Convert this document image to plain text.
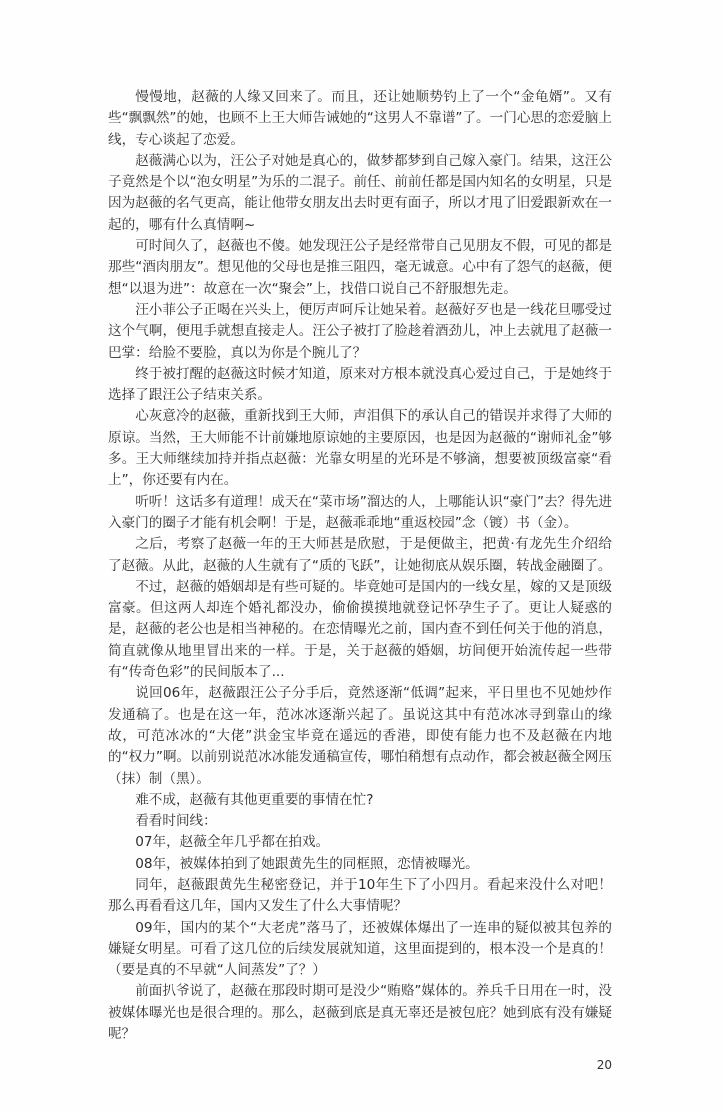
慢慢地，赵薇的人缘又回来了。而且，还让她顺势钓上了一个“金龟婿”。又有些“飘飘然”的她，也顾不上王大师告诫她的“这男人不靠谱”了。一门心思的恋爱脑上线，专心谈起了恋爱。

赵薇满心以为，汪公子对她是真心的，做梦都梦到自己嫁入豪门。结果，这汪公子竟然是个以“泡女明星”为乐的二混子。前任、前前任都是国内知名的女明星，只是因为赵薇的名气更高，能让他带女朋友出去时更有面子，所以才甩了旧爱跟新欢在一起的，哪有什么真情啊~

可时间久了，赵薇也不傻。她发现汪公子是经常带自己见朋友不假，可见的都是那些“酒肉朋友”。想见他的父母也是推三阻四，毫无诚意。心中有了怨气的赵薇，便想“以退为进”：故意在一次“聚会”上，找借口说自己不舒服想先走。

汪小菲公子正喝在兴头上，便厉声呵斥让她呆着。赵薇好歹也是一线花旦哪受过这个气啊，便甩手就想直接走人。汪公子被打了脸趁着酒劲儿，冲上去就甩了赵薇一巴掌：给脸不要脸，真以为你是个腕儿了？

终于被打醒的赵薇这时候才知道，原来对方根本就没真心爱过自己，于是她终于选择了跟汪公子结束关系。

心灰意冷的赵薇，重新找到王大师，声泪俱下的承认自己的错误并求得了大师的原谅。当然，王大师能不计前嫌地原谅她的主要原因，也是因为赵薇的“谢师礼金”够多。王大师继续加持并指点赵薇：光靠女明星的光环是不够滴，想要被顶级富豪“看上”，你还要有内在。

听听！这话多有道理！成天在“菜市场”溜达的人，上哪能认识“豪门”去？得先进入豪门的圈子才能有机会啊！于是，赵薇乖乖地“重返校园”念（镀）书（金）。

之后，考察了赵薇一年的王大师甚是欣慰，于是便做主，把黄·有龙先生介绍给了赵薇。从此，赵薇的人生就有了“质的飞跃”，让她彻底从娱乐圈，转战金融圈了。

不过，赵薇的婚姻却是有些可疑的。毕竟她可是国内的一线女星，嫁的又是顶级富豪。但这两人却连个婚礼都没办，偷偷摸摸地就登记怀孕生子了。更让人疑惑的是，赵薇的老公也是相当神秘的。在恋情曝光之前，国内查不到任何关于他的消息，简直就像从地里冒出来的一样。于是，关于赵薇的婚姻，坊间便开始流传起一些带有“传奇色彩”的民间版本了...

说回06年，赵薇跟汪公子分手后，竟然逐渐“低调”起来，平日里也不见她炒作发通稿了。也是在这一年，范冰冰逐渐兴起了。虽说这其中有范冰冰寻到靠山的缘故，可范冰冰的“大佬”洪金宝毕竟在遥远的香港，即使有能力也不及赵薇在内地的“权力”啊。以前别说范冰冰能发通稿宣传，哪怕稍想有点动作，都会被赵薇全网压（抹）制（黑）。

难不成，赵薇有其他更重要的事情在忙?

看看时间线：

07年，赵薇全年几乎都在拍戏。

08年，被媒体拍到了她跟黄先生的同框照，恋情被曝光。

同年，赵薇跟黄先生秘密登记，并于10年生下了小四月。看起来没什么对吧！那么再看看这几年，国内又发生了什么大事情呢？

09年，国内的某个“大老虎”落马了，还被媒体爆出了一连串的疑似被其包养的嫌疑女明星。可看了这几位的后续发展就知道，这里面提到的，根本没一个是真的！（要是真的不早就“人间蒸发”了？）

前面扒爷说了，赵薇在那段时期可是没少“贿赂”媒体的。养兵千日用在一时，没被媒体曝光也是很合理的。那么，赵薇到底是真无辜还是被包庇？她到底有没有嫌疑呢？

20
